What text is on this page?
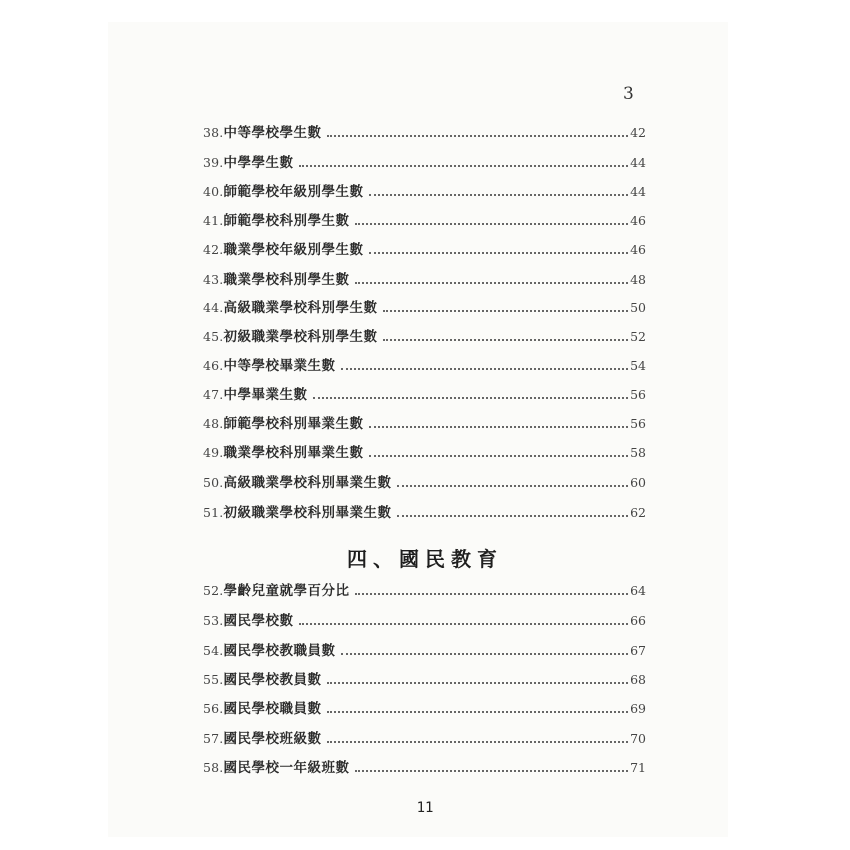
3
38. 中等學校學生數	42
39. 中學學生數	44
40. 師範學校年級別學生數	44
41. 師範學校科別學生數	46
42. 職業學校年級別學生數	46
43. 職業學校科別學生數	48
44. 高級職業學校科別學生數	50
45. 初級職業學校科別學生數	52
46. 中等學校畢業生數	54
47. 中學畢業生數	56
48. 師範學校科別畢業生數	56
49. 職業學校科別畢業生數	58
50. 高級職業學校科別畢業生數	60
51. 初級職業學校科別畢業生數	62
四、國民教育
52. 學齡兒童就學百分比	64
53. 國民學校數	66
54. 國民學校教職員數	67
55. 國民學校教員數	68
56. 國民學校職員數	69
57. 國民學校班級數	70
58. 國民學校一年級班數	71
11
